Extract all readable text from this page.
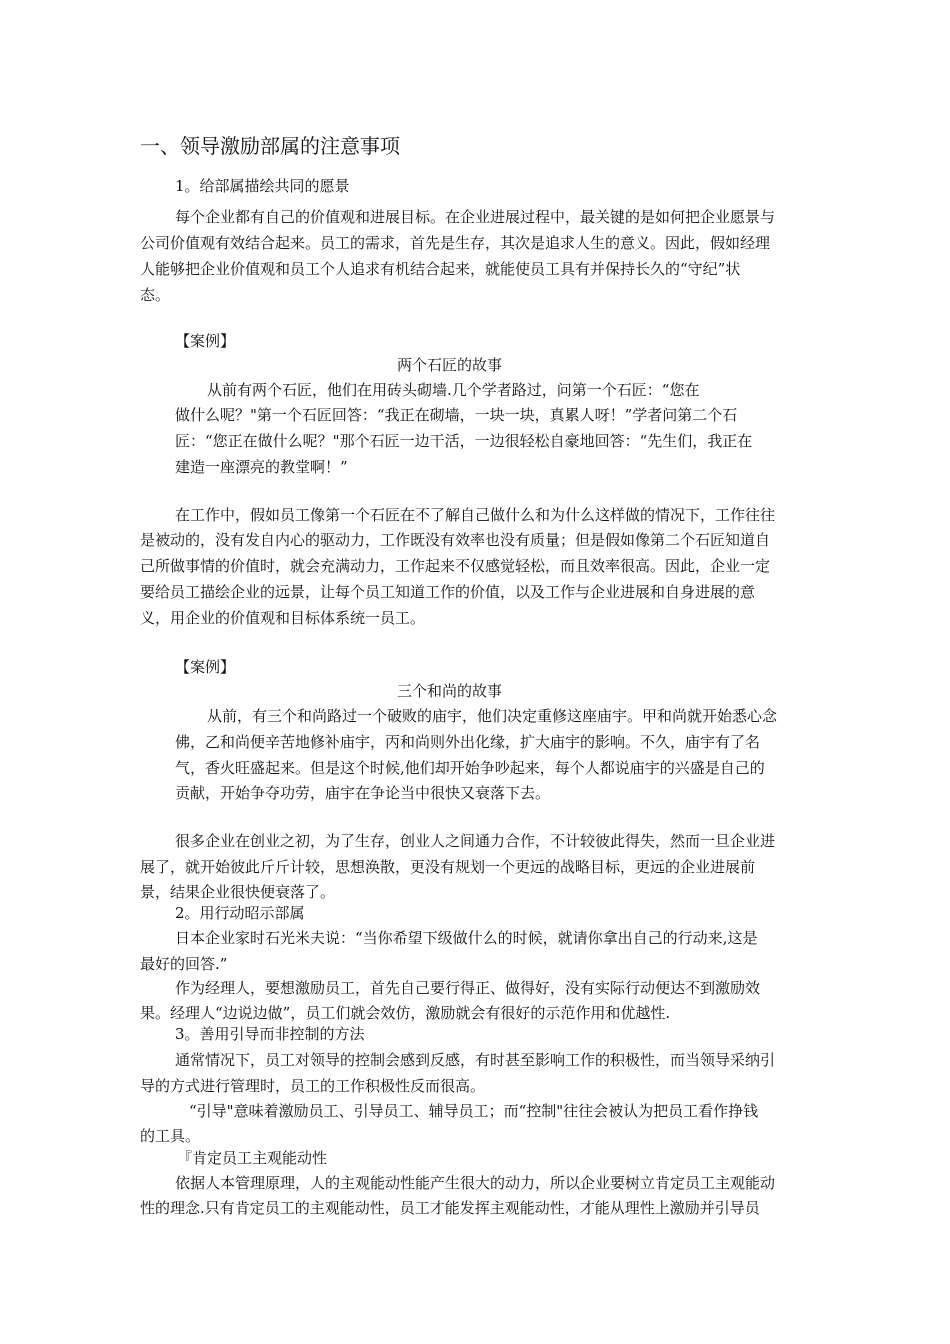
一、领导激励部属的注意事项
1。给部属描绘共同的愿景
每个企业都有自己的价值观和进展目标。在企业进展过程中，最关键的是如何把企业愿景与
公司价值观有效结合起来。员工的需求，首先是生存，其次是追求人生的意义。因此，假如经理
人能够把企业价值观和员工个人追求有机结合起来，就能使员工具有并保持长久的“守纪”状
态。
【案例】
两个石匠的故事
从前有两个石匠，他们在用砖头砌墙.几个学者路过，问第一个石匠：“您在
做什么呢？"第一个石匠回答：“我正在砌墙，一块一块，真累人呀！”学者问第二个石
匠：“您正在做什么呢？"那个石匠一边干活，一边很轻松自豪地回答：“先生们，我正在
建造一座漂亮的教堂啊！”
在工作中，假如员工像第一个石匠在不了解自己做什么和为什么这样做的情况下，工作往往
是被动的，没有发自内心的驱动力，工作既没有效率也没有质量；但是假如像第二个石匠知道自
己所做事情的价值时，就会充满动力，工作起来不仅感觉轻松，而且效率很高。因此，企业一定
要给员工描绘企业的远景，让每个员工知道工作的价值，以及工作与企业进展和自身进展的意
义，用企业的价值观和目标体系统一员工。
【案例】
三个和尚的故事
从前，有三个和尚路过一个破败的庙宇，他们决定重修这座庙宇。甲和尚就开始悉心念
佛，乙和尚便辛苦地修补庙宇，丙和尚则外出化缘，扩大庙宇的影响。不久，庙宇有了名
气，香火旺盛起来。但是这个时候,他们却开始争吵起来，每个人都说庙宇的兴盛是自己的
贡献，开始争夺功劳，庙宇在争论当中很快又衰落下去。
很多企业在创业之初，为了生存，创业人之间通力合作，不计较彼此得失，然而一旦企业进
展了，就开始彼此斤斤计较，思想涣散，更没有规划一个更远的战略目标，更远的企业进展前
景，结果企业很快便衰落了。
2。用行动昭示部属
日本企业家时石光米夫说：“当你希望下级做什么的时候，就请你拿出自己的行动来,这是
最好的回答.”
作为经理人，要想激励员工，首先自己要行得正、做得好，没有实际行动便达不到激励效
果。经理人“边说边做”，员工们就会效仿，激励就会有很好的示范作用和优越性.
3。善用引导而非控制的方法
通常情况下，员工对领导的控制会感到反感，有时甚至影响工作的积极性，而当领导采纳引
导的方式进行管理时，员工的工作积极性反而很高。
“引导"意味着激励员工、引导员工、辅导员工；而“控制"往往会被认为把员工看作挣钱
的工具。
『肯定员工主观能动性
依据人本管理原理，人的主观能动性能产生很大的动力，所以企业要树立肯定员工主观能动
性的理念.只有肯定员工的主观能动性，员工才能发挥主观能动性，才能从理性上激励并引导员
